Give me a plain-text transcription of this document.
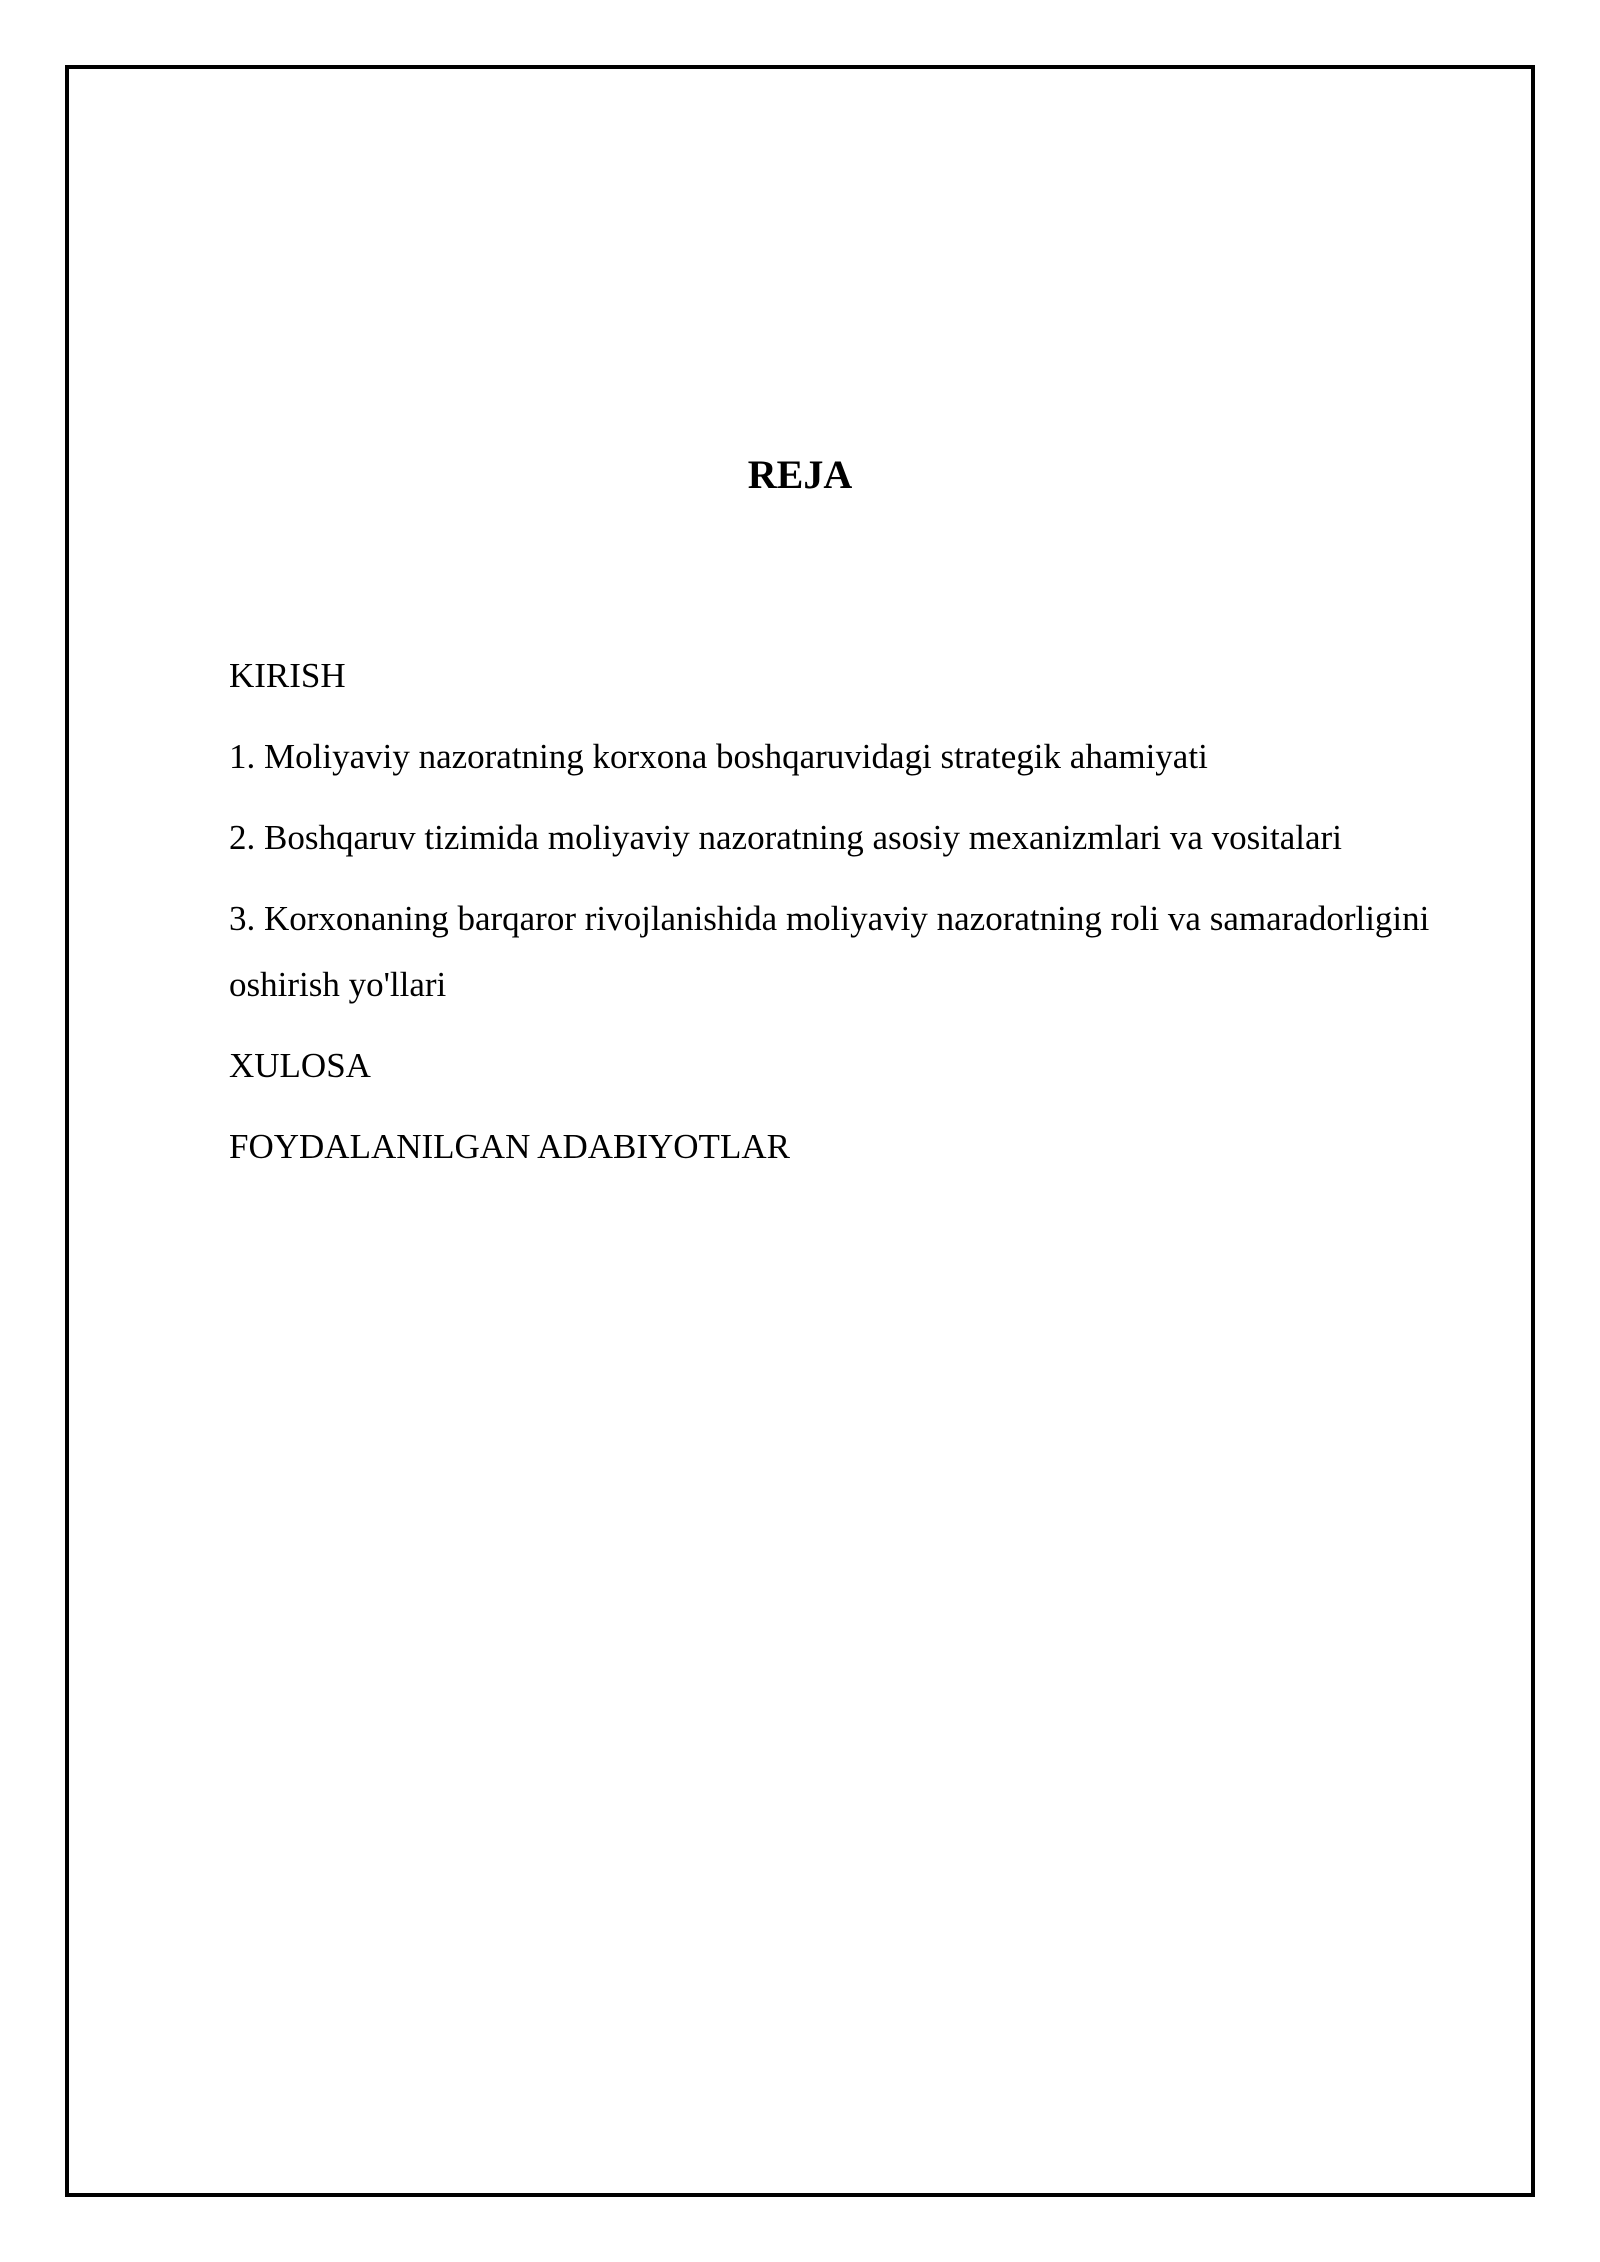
REJA
KIRISH
1. Moliyaviy nazoratning korxona boshqaruvidagi strategik ahamiyati
2. Boshqaruv tizimida moliyaviy nazoratning asosiy mexanizmlari va vositalari
3. Korxonaning barqaror rivojlanishida moliyaviy nazoratning roli va samaradorligini oshirish yo'llari
XULOSA
FOYDALANILGAN ADABIYOTLAR
